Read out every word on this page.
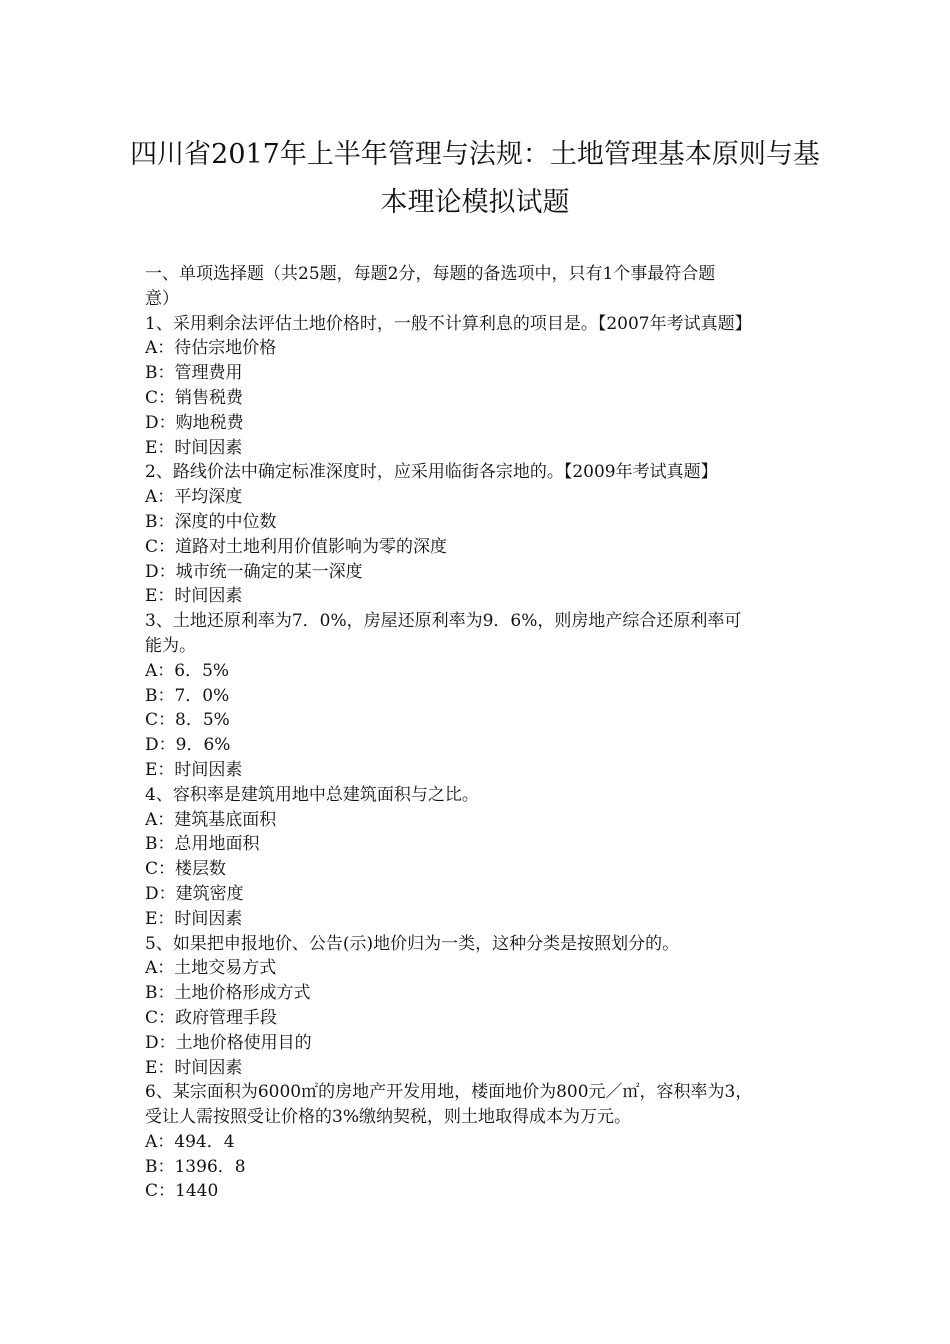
四川省2017年上半年管理与法规：土地管理基本原则与基
本理论模拟试题
一、单项选择题（共25题，每题2分，每题的备选项中，只有1个事最符合题
意）
1、采用剩余法评估土地价格时，一般不计算利息的项目是。【2007年考试真题】
A：待估宗地价格
B：管理费用
C：销售税费
D：购地税费
E：时间因素
2、路线价法中确定标准深度时，应采用临街各宗地的。【2009年考试真题】
A：平均深度
B：深度的中位数
C：道路对土地利用价值影响为零的深度
D：城市统一确定的某一深度
E：时间因素
3、土地还原利率为7．0%，房屋还原利率为9．6%，则房地产综合还原利率可
能为。
A：6．5%
B：7．0%
C：8．5%
D：9．6%
E：时间因素
4、容积率是建筑用地中总建筑面积与之比。
A：建筑基底面积
B：总用地面积
C：楼层数
D：建筑密度
E：时间因素
5、如果把申报地价、公告(示)地价归为一类，这种分类是按照划分的。
A：土地交易方式
B：土地价格形成方式
C：政府管理手段
D：土地价格使用目的
E：时间因素
6、某宗面积为6000㎡的房地产开发用地，楼面地价为800元／㎡，容积率为3，
受让人需按照受让价格的3%缴纳契税，则土地取得成本为万元。
A：494．4
B：1396．8
C：1440
